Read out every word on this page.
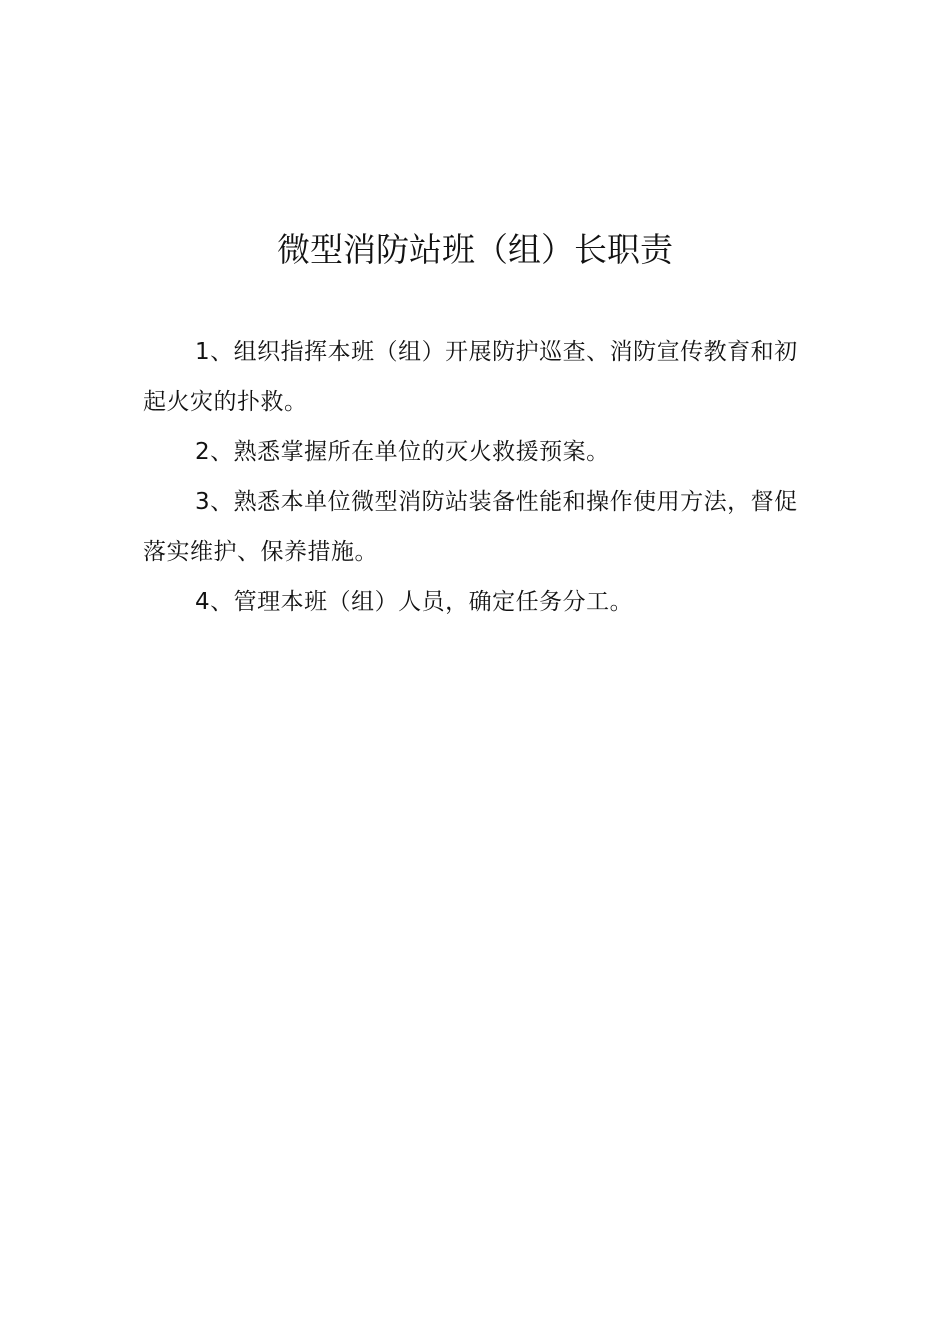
微型消防站班（组）长职责

1、组织指挥本班（组）开展防护巡查、消防宣传教育和初起火灾的扑救。

2、熟悉掌握所在单位的灭火救援预案。

3、熟悉本单位微型消防站装备性能和操作使用方法，督促落实维护、保养措施。

4、管理本班（组）人员，确定任务分工。
